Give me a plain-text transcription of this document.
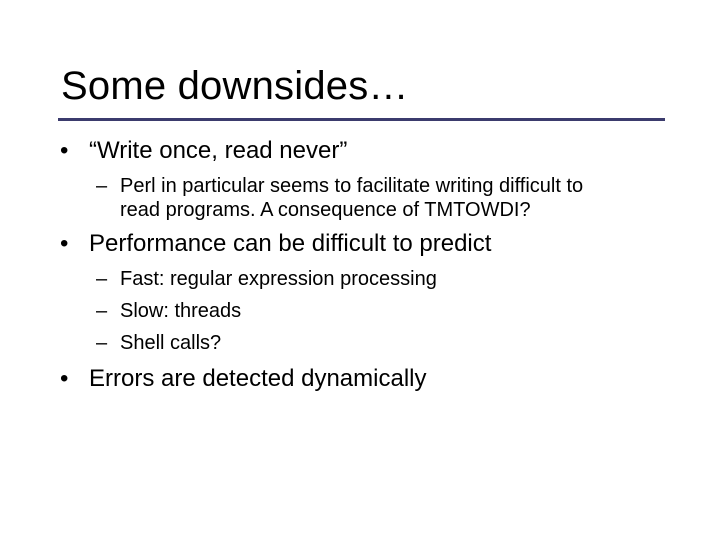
Some downsides…
• “Write once, read never”
– Perl in particular seems to facilitate writing difficult to
read programs. A consequence of TMTOWDI?
• Performance can be difficult to predict
– Fast: regular expression processing
– Slow: threads
– Shell calls?
• Errors are detected dynamically
